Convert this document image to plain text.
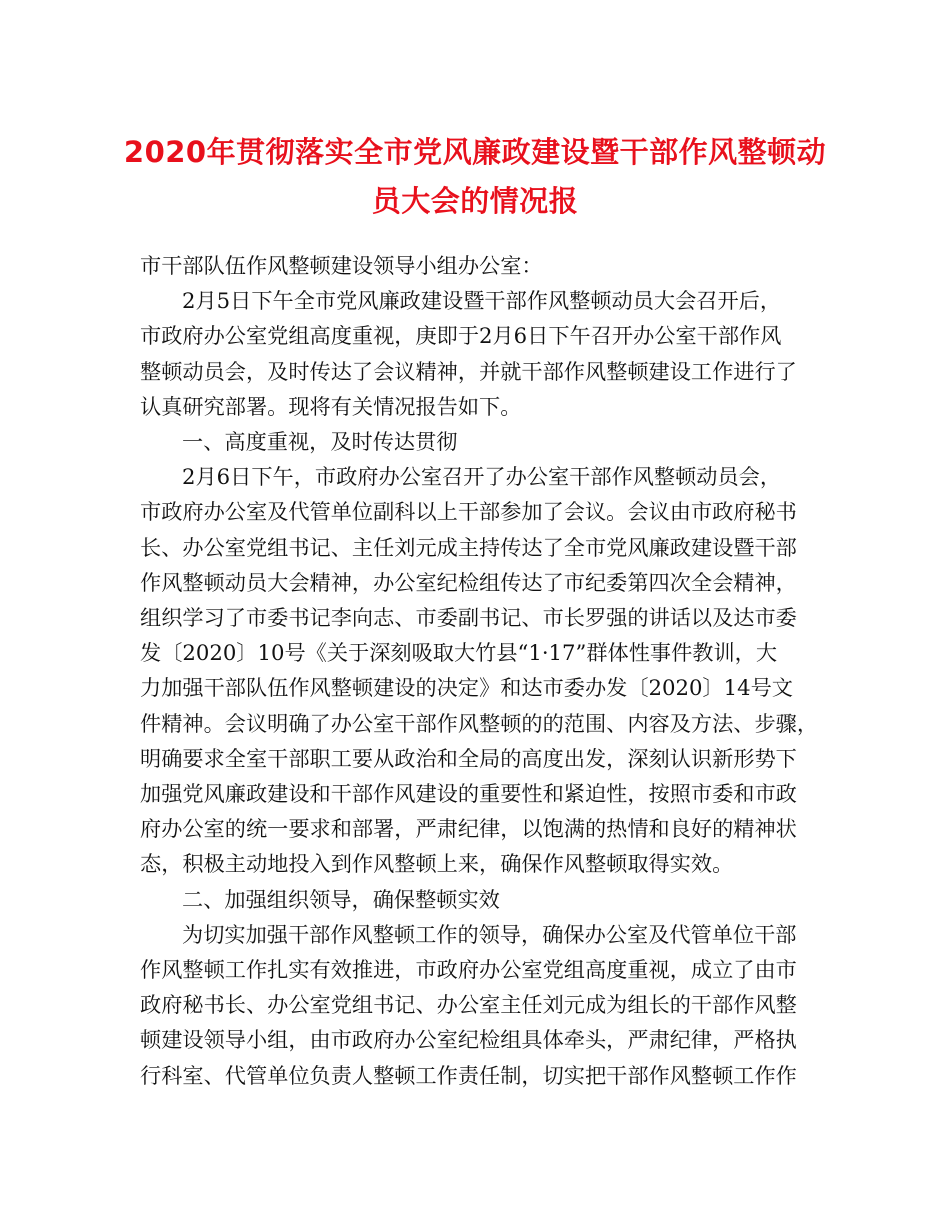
2020年贯彻落实全市党风廉政建设暨干部作风整顿动
员大会的情况报

市干部队伍作风整顿建设领导小组办公室：

2月5日下午全市党风廉政建设暨干部作风整顿动员大会召开后，

市政府办公室党组高度重视，庚即于2月6日下午召开办公室干部作风

整顿动员会，及时传达了会议精神，并就干部作风整顿建设工作进行了

认真研究部署。现将有关情况报告如下。

一、高度重视，及时传达贯彻

2月6日下午，市政府办公室召开了办公室干部作风整顿动员会，

市政府办公室及代管单位副科以上干部参加了会议。会议由市政府秘书

长、办公室党组书记、主任刘元成主持传达了全市党风廉政建设暨干部

作风整顿动员大会精神，办公室纪检组传达了市纪委第四次全会精神，

组织学习了市委书记李向志、市委副书记、市长罗强的讲话以及达市委

发〔2020〕10号《关于深刻吸取大竹县“1·17”群体性事件教训，大

力加强干部队伍作风整顿建设的决定》和达市委办发〔2020〕14号文

件精神。会议明确了办公室干部作风整顿的的范围、内容及方法、步骤，

明确要求全室干部职工要从政治和全局的高度出发，深刻认识新形势下

加强党风廉政建设和干部作风建设的重要性和紧迫性，按照市委和市政

府办公室的统一要求和部署，严肃纪律，以饱满的热情和良好的精神状

态，积极主动地投入到作风整顿上来，确保作风整顿取得实效。

二、加强组织领导，确保整顿实效

为切实加强干部作风整顿工作的领导，确保办公室及代管单位干部

作风整顿工作扎实有效推进，市政府办公室党组高度重视，成立了由市

政府秘书长、办公室党组书记、办公室主任刘元成为组长的干部作风整

顿建设领导小组，由市政府办公室纪检组具体牵头，严肃纪律，严格执

行科室、代管单位负责人整顿工作责任制，切实把干部作风整顿工作作
